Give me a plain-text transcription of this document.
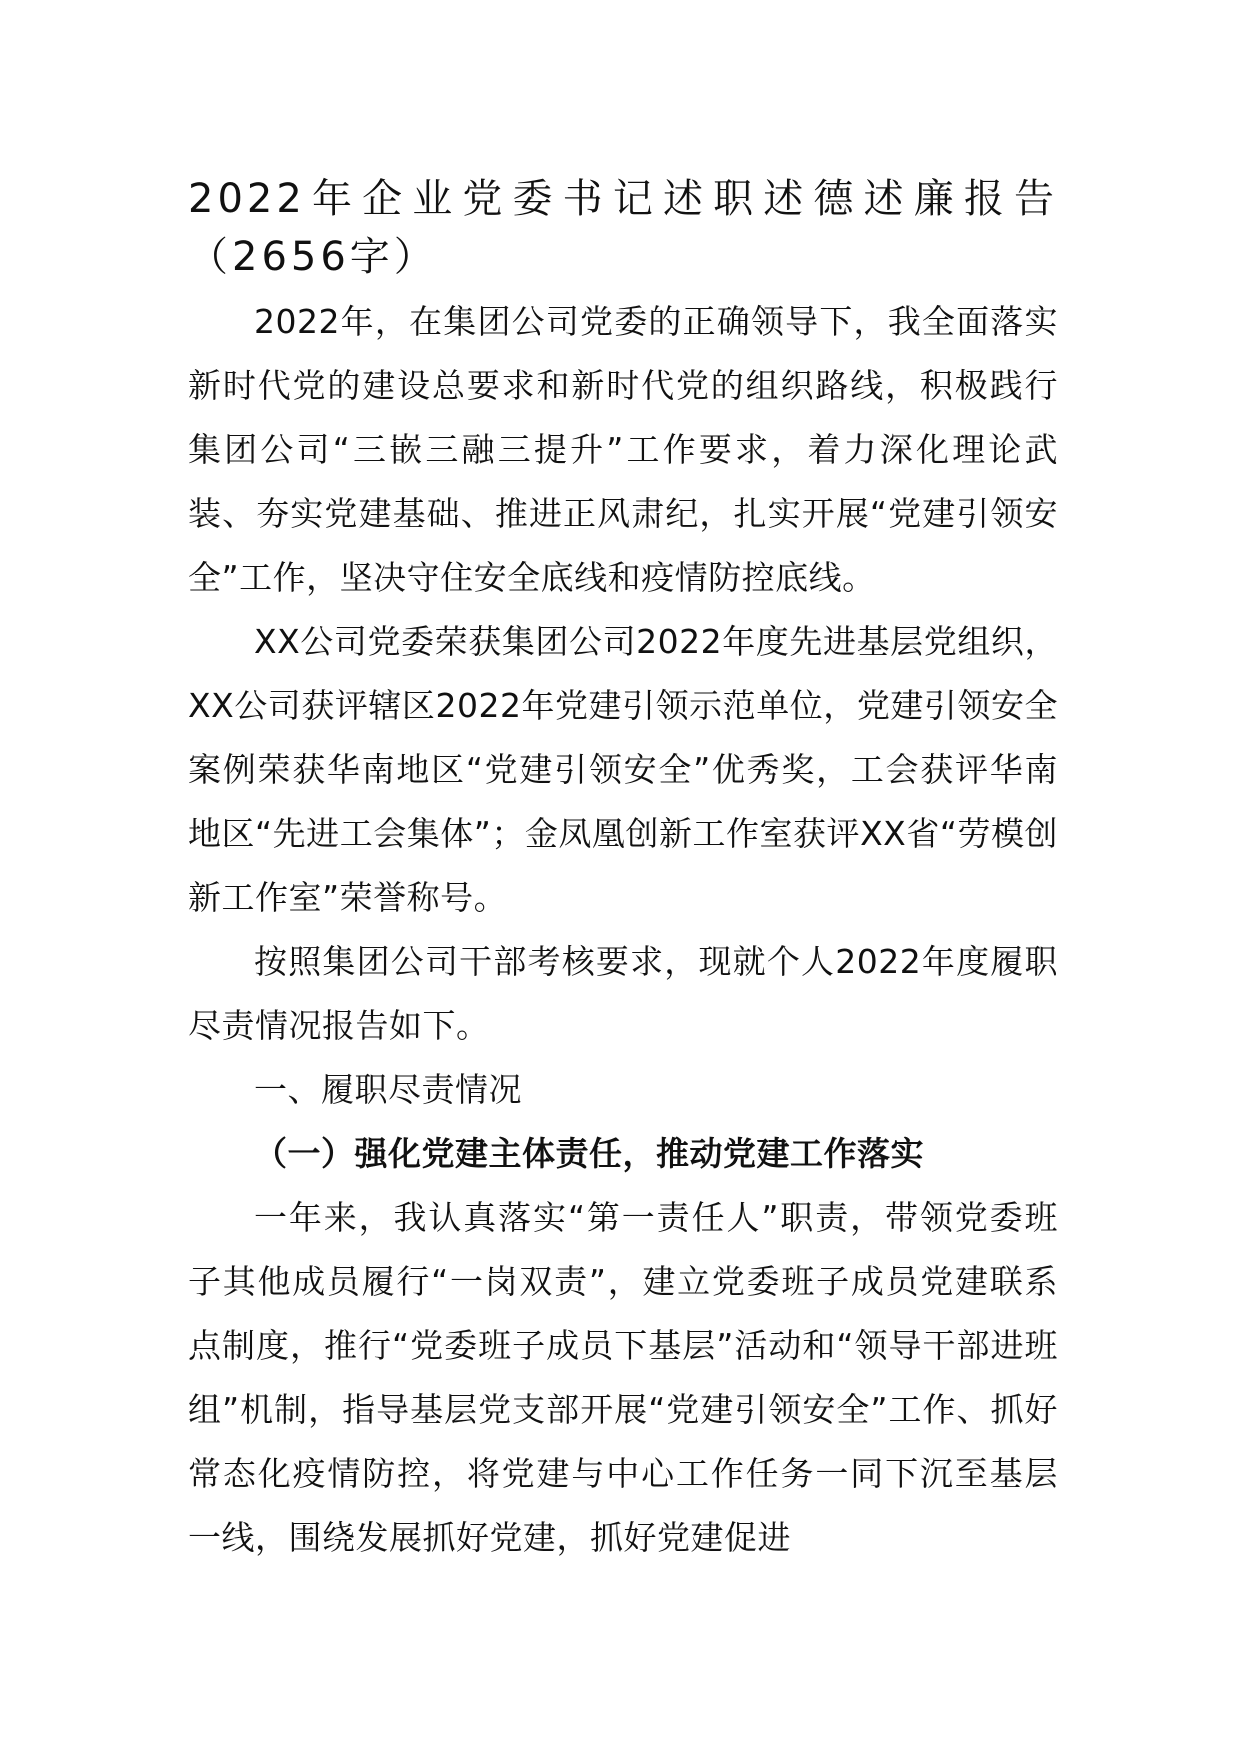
2022年企业党委书记述职述德述廉报告（2656字）

2022年，在集团公司党委的正确领导下，我全面落实新时代党的建设总要求和新时代党的组织路线，积极践行集团公司“三嵌三融三提升”工作要求，着力深化理论武装、夯实党建基础、推进正风肃纪，扎实开展“党建引领安全”工作，坚决守住安全底线和疫情防控底线。

XX公司党委荣获集团公司2022年度先进基层党组织，XX公司获评辖区2022年党建引领示范单位，党建引领安全案例荣获华南地区“党建引领安全”优秀奖，工会获评华南地区“先进工会集体”；金凤凰创新工作室获评XX省“劳模创新工作室”荣誉称号。

按照集团公司干部考核要求，现就个人2022年度履职尽责情况报告如下。

一、履职尽责情况

（一）强化党建主体责任，推动党建工作落实

一年来，我认真落实“第一责任人”职责，带领党委班子其他成员履行“一岗双责”，建立党委班子成员党建联系点制度，推行“党委班子成员下基层”活动和“领导干部进班组”机制，指导基层党支部开展“党建引领安全”工作、抓好常态化疫情防控，将党建与中心工作任务一同下沉至基层一线，围绕发展抓好党建，抓好党建促进
